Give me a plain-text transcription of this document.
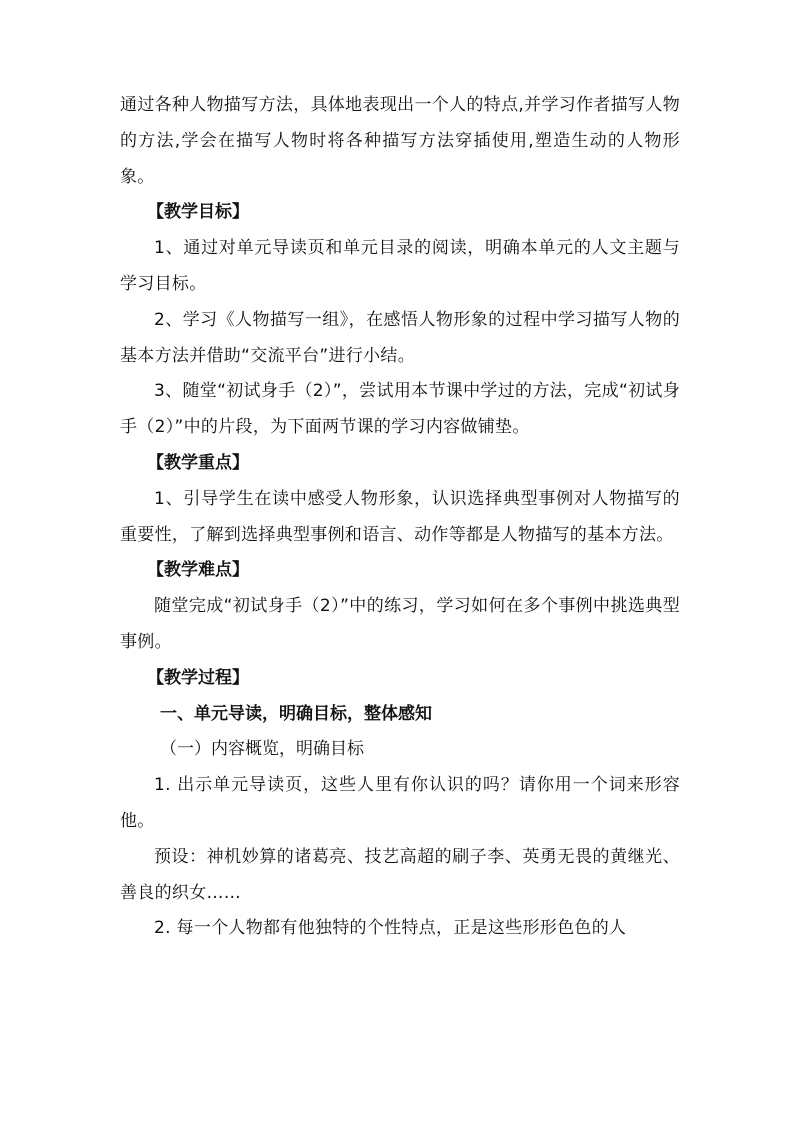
通过各种人物描写方法，具体地表现出一个人的特点,并学习作者描写人物的方法,学会在描写人物时将各种描写方法穿插使用,塑造生动的人物形象。

【教学目标】

1、通过对单元导读页和单元目录的阅读，明确本单元的人文主题与学习目标。

2、学习《人物描写一组》，在感悟人物形象的过程中学习描写人物的基本方法并借助“交流平台”进行小结。

3、随堂“初试身手（2）”，尝试用本节课中学过的方法，完成“初试身手（2）”中的片段，为下面两节课的学习内容做铺垫。

【教学重点】

1、引导学生在读中感受人物形象，认识选择典型事例对人物描写的重要性，了解到选择典型事例和语言、动作等都是人物描写的基本方法。

【教学难点】

随堂完成“初试身手（2）”中的练习，学习如何在多个事例中挑选典型事例。

【教学过程】

一、单元导读，明确目标，整体感知

（一）内容概览，明确目标

1. 出示单元导读页，这些人里有你认识的吗？请你用一个词来形容他。

预设：神机妙算的诸葛亮、技艺高超的刷子李、英勇无畏的黄继光、善良的织女……

2. 每一个人物都有他独特的个性特点，正是这些形形色色的人
